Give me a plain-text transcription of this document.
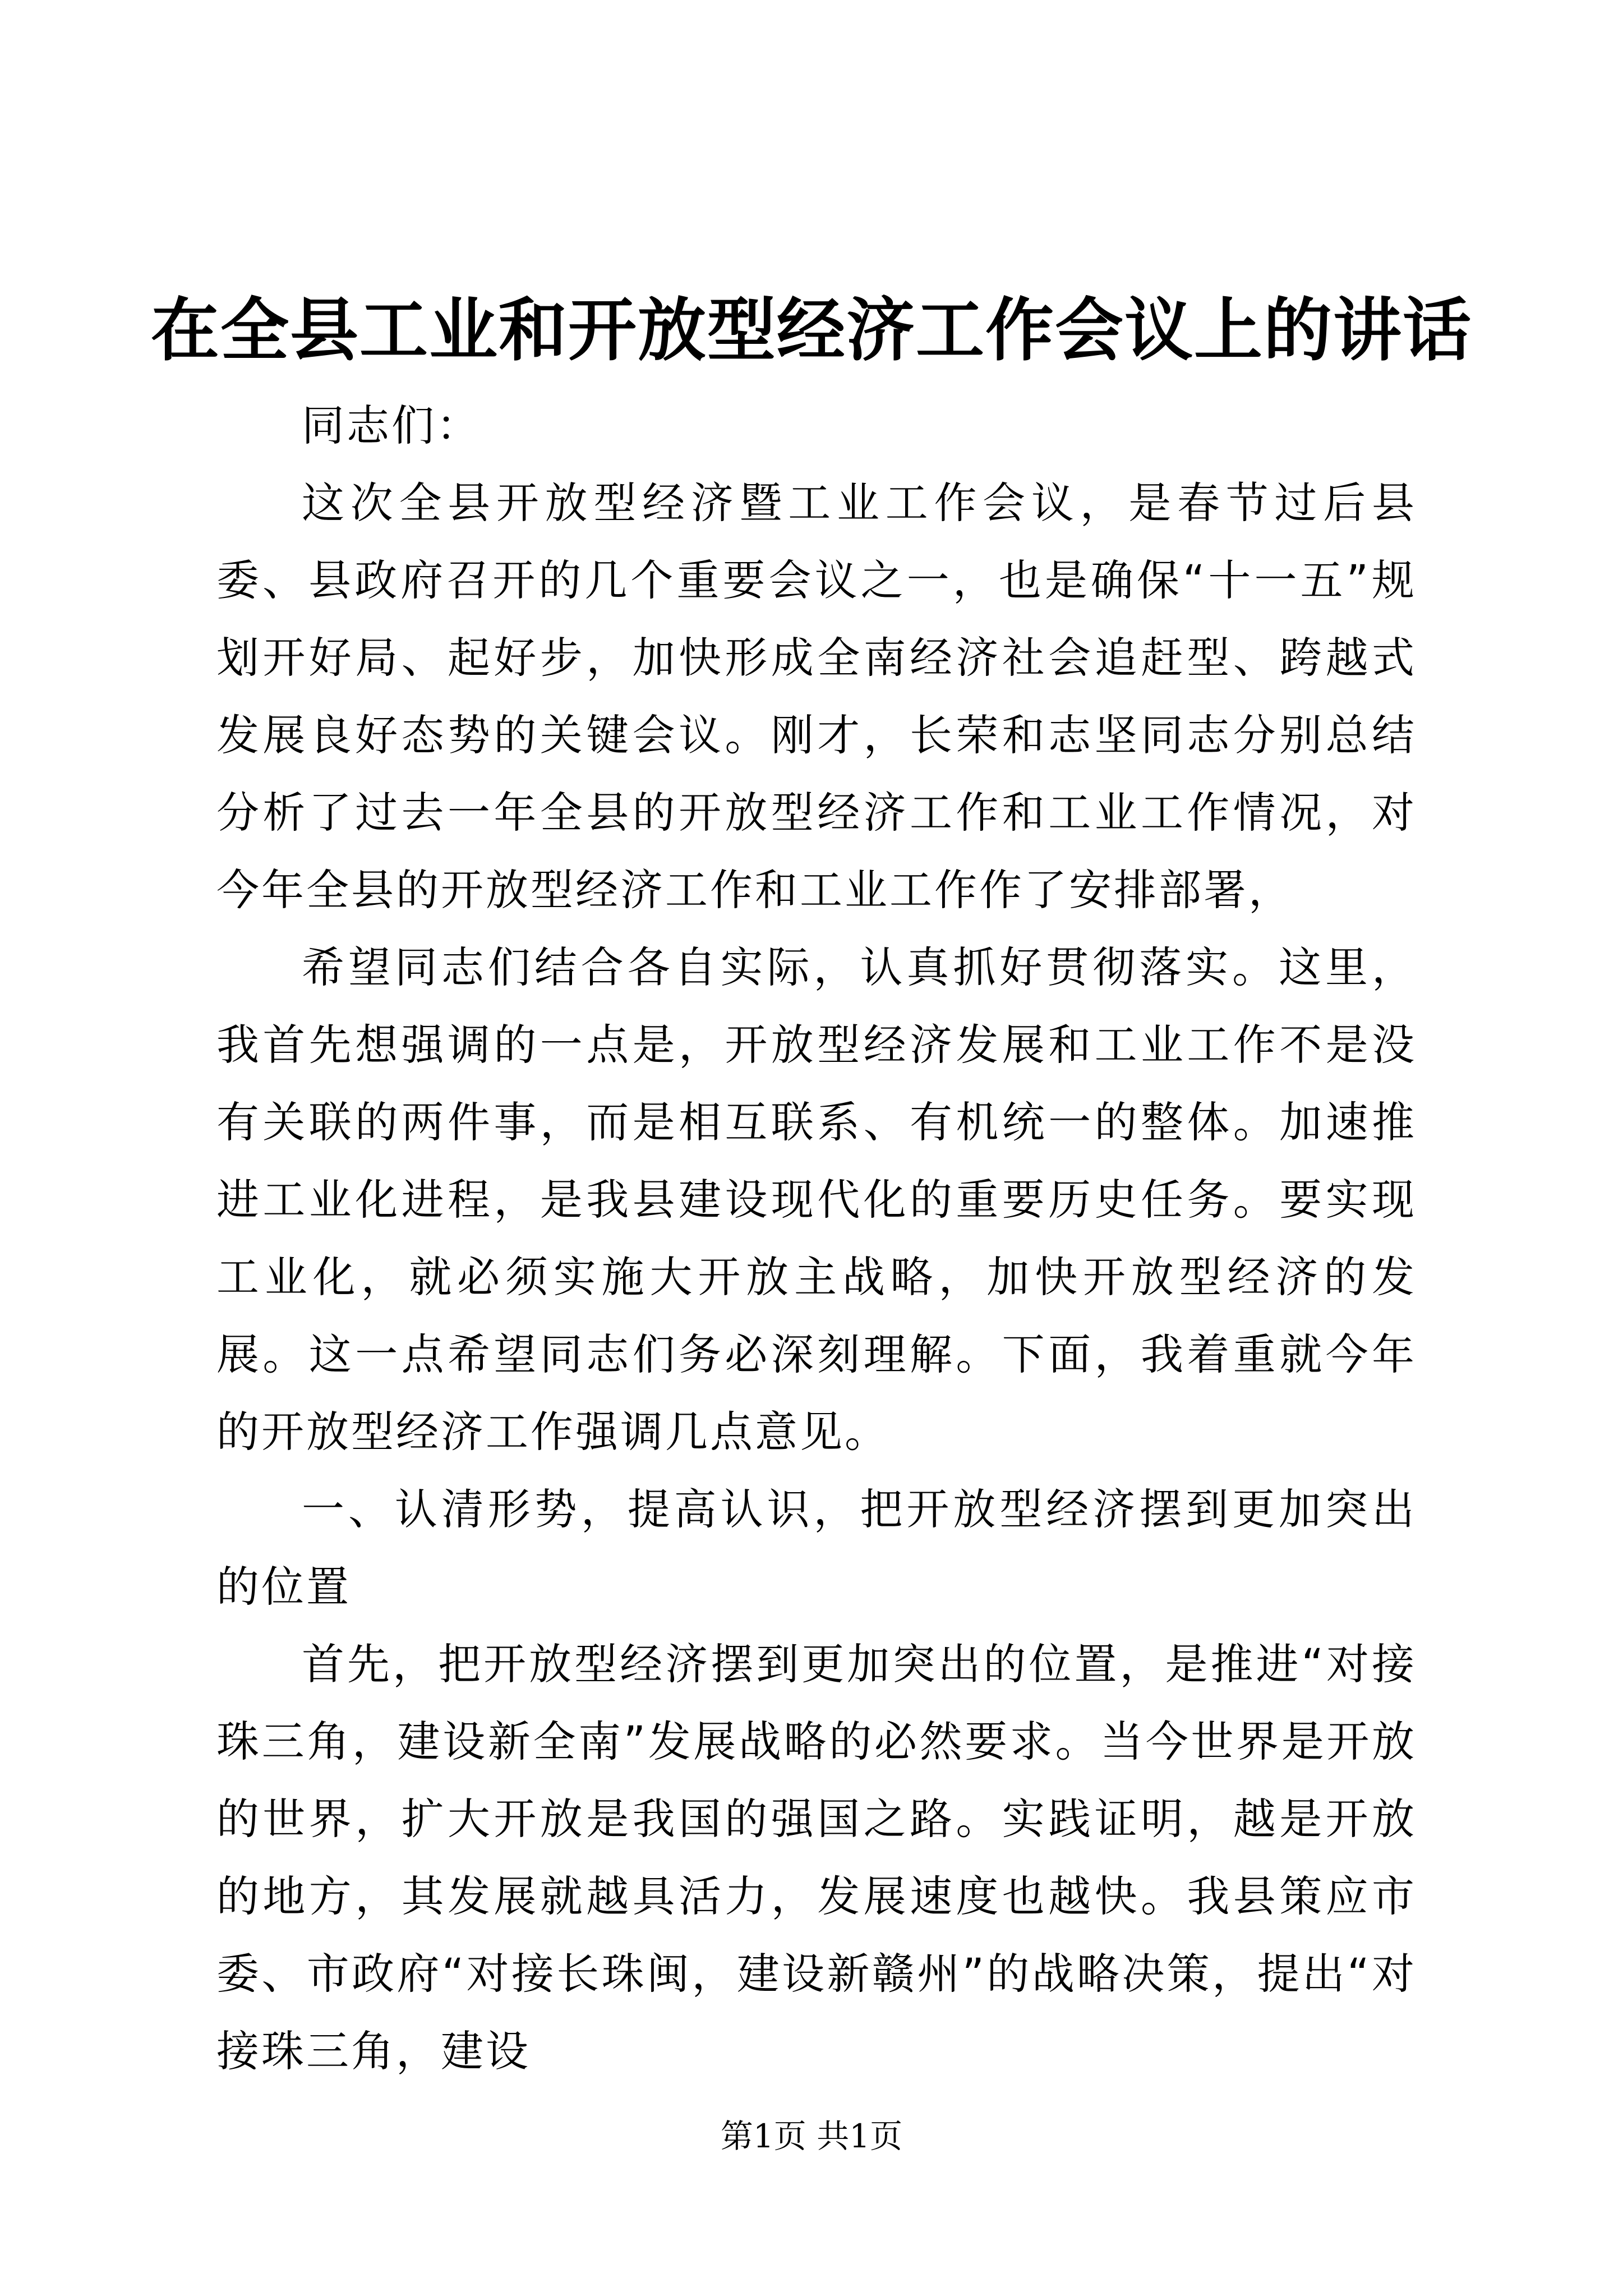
在全县工业和开放型经济工作会议上的讲话

同志们：

这次全县开放型经济暨工业工作会议，是春节过后县委、县政府召开的几个重要会议之一，也是确保“十一五”规划开好局、起好步，加快形成全南经济社会追赶型、跨越式发展良好态势的关键会议。刚才，长荣和志坚同志分别总结分析了过去一年全县的开放型经济工作和工业工作情况，对今年全县的开放型经济工作和工业工作作了安排部署，

希望同志们结合各自实际，认真抓好贯彻落实。这里，我首先想强调的一点是，开放型经济发展和工业工作不是没有关联的两件事，而是相互联系、有机统一的整体。加速推进工业化进程，是我县建设现代化的重要历史任务。要实现工业化，就必须实施大开放主战略，加快开放型经济的发展。这一点希望同志们务必深刻理解。下面，我着重就今年的开放型经济工作强调几点意见。

一、认清形势，提高认识，把开放型经济摆到更加突出的位置

首先，把开放型经济摆到更加突出的位置，是推进“对接珠三角，建设新全南”发展战略的必然要求。当今世界是开放的世界，扩大开放是我国的强国之路。实践证明，越是开放的地方，其发展就越具活力，发展速度也越快。我县策应市委、市政府“对接长珠闽，建设新赣州”的战略决策，提出“对接珠三角，建设

第1页 共1页
